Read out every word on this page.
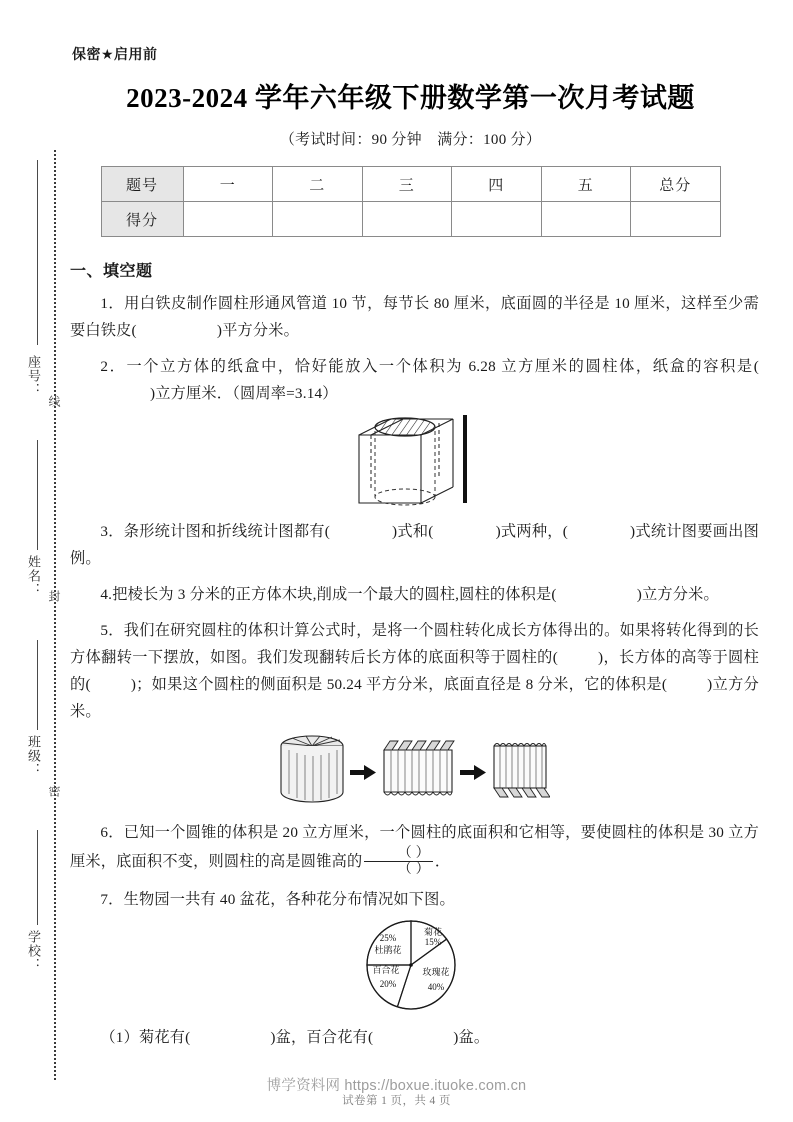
座号：
姓名：
班级：
学校：
线
封
密
保密★启用前
2023-2024 学年六年级下册数学第一次月考试题
（考试时间：90 分钟　满分：100 分）
题号	一	二	三	四	五	总分
得分						
一、填空题

1．用白铁皮制作圆柱形通风管道 10 节，每节长 80 厘米，底面圆的半径是 10 厘米，这样至少需要白铁皮(	)平方分米。

2．一个立方体的纸盒中，恰好能放入一个体积为 6.28 立方厘米的圆柱体，纸盒的容积是( )立方厘米．（圆周率=3.14）

3．条形统计图和折线统计图都有(	)式和(	)式两种，(	)式统计图要画出图例。

4.把棱长为 3 分米的正方体木块,削成一个最大的圆柱,圆柱的体积是(	)立方分米。

5．我们在研究圆柱的体积计算公式时，是将一个圆柱转化成长方体得出的。如果将转化得到的长方体翻转一下摆放，如图。我们发现翻转后长方体的底面积等于圆柱的(	)，长方体的高等于圆柱的(	)；如果这个圆柱的侧面积是 50.24 平方分米，底面直径是 8 分米，它的体积是(	)立方分米。

6．已知一个圆锥的体积是 20 立方厘米，一个圆柱的底面积和它相等，要使圆柱的体积是 30 立方厘米，底面积不变，则圆柱的高是圆锥高的 $\frac{( )}{( )}$ ．

7．生物园一共有 40 盆花，各种花分布情况如下图。

菊花
15%
玫瑰花
40%
25%
杜鹃花
百合花
20%

（1）菊花有(	)盆，百合花有(	)盆。

博学资料网 https://boxue.ituoke.com.cn
试卷第 1 页，共 4 页
